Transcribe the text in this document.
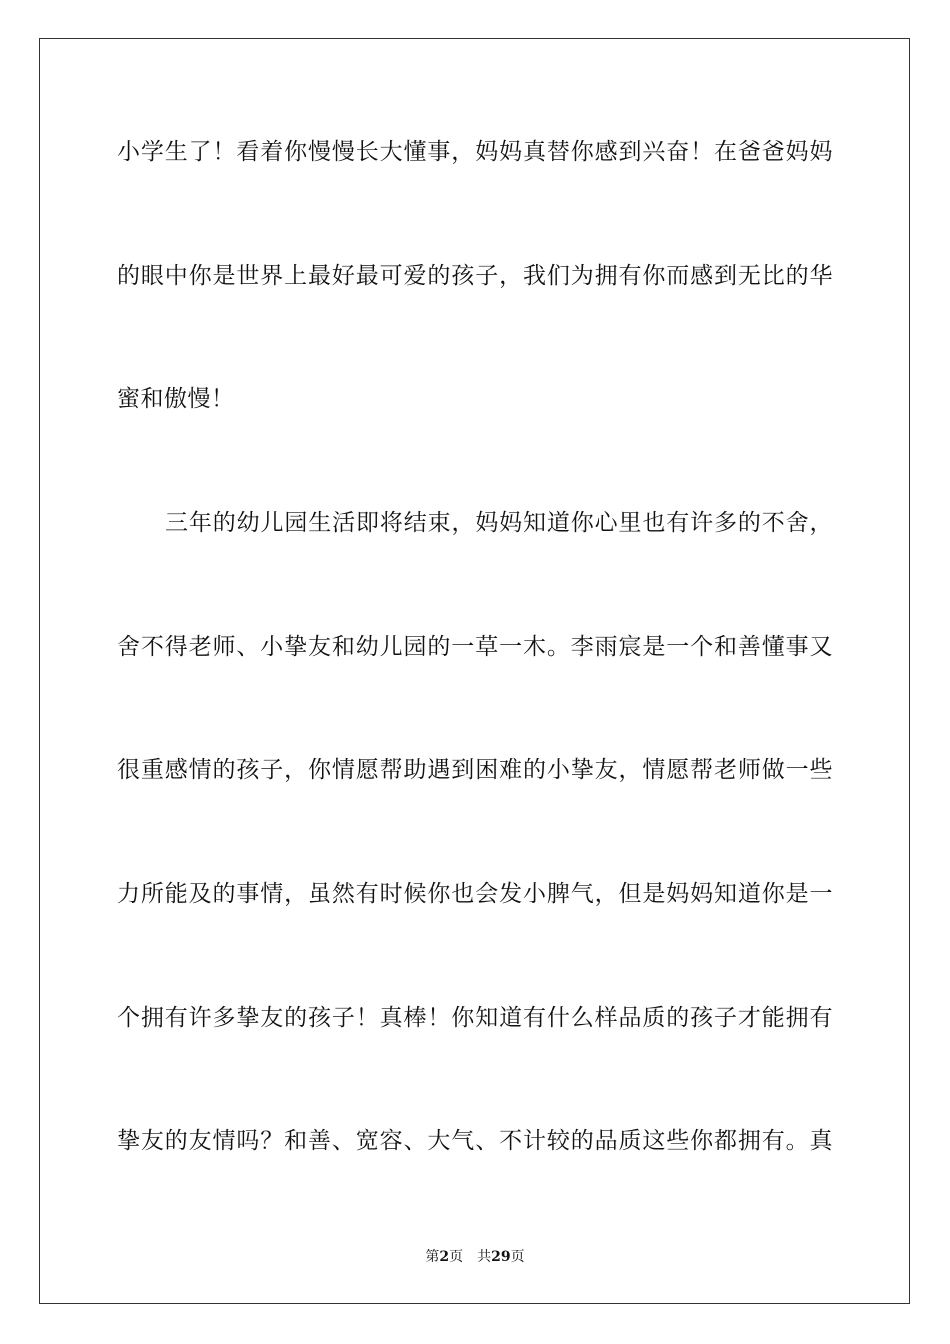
小学生了！看着你慢慢长大懂事，妈妈真替你感到兴奋！在爸爸妈妈
的眼中你是世界上最好最可爱的孩子，我们为拥有你而感到无比的华
蜜和傲慢！
三年的幼儿园生活即将结束，妈妈知道你心里也有许多的不舍，
舍不得老师、小挚友和幼儿园的一草一木。李雨宸是一个和善懂事又
很重感情的孩子，你情愿帮助遇到困难的小挚友，情愿帮老师做一些
力所能及的事情，虽然有时候你也会发小脾气，但是妈妈知道你是一
个拥有许多挚友的孩子！真棒！你知道有什么样品质的孩子才能拥有
挚友的友情吗？和善、宽容、大气、不计较的品质这些你都拥有。真
第2页 共29页
